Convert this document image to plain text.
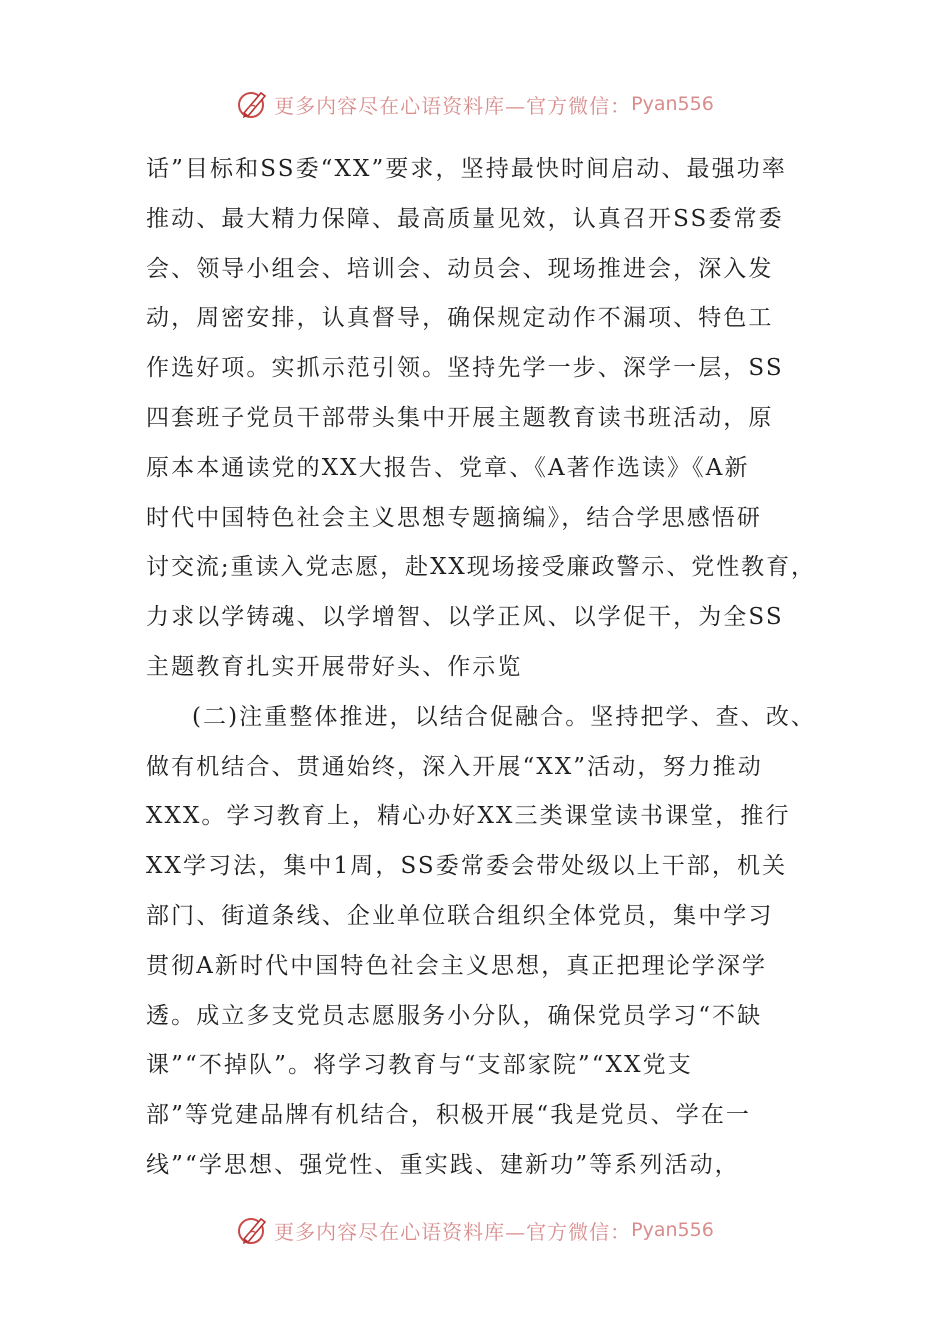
更多内容尽在心语资料库—官方微信： Pyan556
话”目标和SS委“XX”要求，坚持最快时间启动、最强功率
推动、最大精力保障、最高质量见效，认真召开SS委常委
会、领导小组会、培训会、动员会、现场推进会，深入发
动，周密安排，认真督导，确保规定动作不漏项、特色工
作选好项。实抓示范引领。坚持先学一步、深学一层，SS
四套班子党员干部带头集中开展主题教育读书班活动，原
原本本通读党的XX大报告、党章、《A著作选读》《A新
时代中国特色社会主义思想专题摘编》，结合学思感悟研
讨交流;重读入党志愿，赴XX现场接受廉政警示、党性教育，
力求以学铸魂、以学增智、以学正风、以学促干，为全SS
主题教育扎实开展带好头、作示览
(二)注重整体推进，以结合促融合。坚持把学、查、改、
做有机结合、贯通始终，深入开展“XX”活动，努力推动
XXX。学习教育上，精心办好XX三类课堂读书课堂，推行
XX学习法，集中1周，SS委常委会带处级以上干部，机关
部门、街道条线、企业单位联合组织全体党员，集中学习
贯彻A新时代中国特色社会主义思想，真正把理论学深学
透。成立多支党员志愿服务小分队，确保党员学习“不缺
课”“不掉队”。将学习教育与“支部家院”“XX党支
部”等党建品牌有机结合，积极开展“我是党员、学在一
线”“学思想、强党性、重实践、建新功”等系列活动，
更多内容尽在心语资料库—官方微信： Pyan556
